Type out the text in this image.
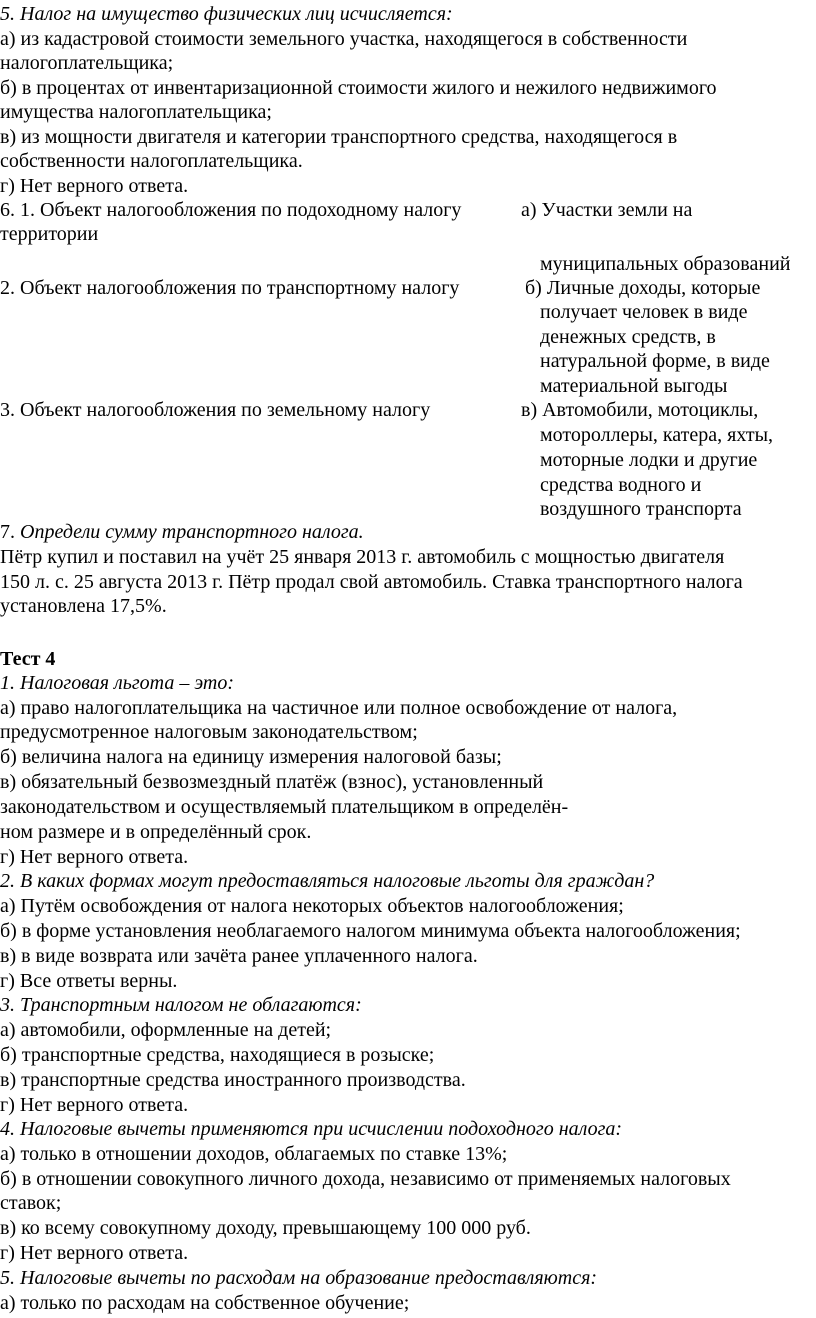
5. Налог на имущество физических лиц исчисляется:
а) из кадастровой стоимости земельного участка, находящегося в собственности
налогоплательщика;
б) в процентах от инвентаризационной стоимости жилого и нежилого недвижимого
имущества налогоплательщика;
в) из мощности двигателя и категории транспортного средства, находящегося в
собственности налогоплательщика.
г) Нет верного ответа.
6. 1. Объект налогообложения по подоходному налогу	а) Участки земли на
территории
муниципальных образований
2. Объект налогообложения по транспортному налогу	б) Личные доходы, которые
получает человек в виде
денежных средств, в
натуральной форме, в виде
материальной выгоды
3. Объект налогообложения по земельному налогу	в) Автомобили, мотоциклы,
мотороллеры, катера, яхты,
моторные лодки и другие
средства водного и
воздушного транспорта
7. Определи сумму транспортного налога.
Пётр купил и поставил на учёт 25 января 2013 г. автомобиль с мощностью двигателя
150 л. с. 25 августа 2013 г. Пётр продал свой автомобиль. Ставка транспортного налога
установлена 17,5%.
Тест 4
1. Налоговая льгота – это:
а) право налогоплательщика на частичное или полное освобождение от налога,
предусмотренное налоговым законодательством;
б) величина налога на единицу измерения налоговой базы;
в) обязательный безвозмездный платёж (взнос), установленный
законодательством и осуществляемый плательщиком в определён-
ном размере и в определённый срок.
г) Нет верного ответа.
2. В каких формах могут предоставляться налоговые льготы для граждан?
а) Путём освобождения от налога некоторых объектов налогообложения;
б) в форме установления необлагаемого налогом минимума объекта налогообложения;
в) в виде возврата или зачёта ранее уплаченного налога.
г) Все ответы верны.
3. Транспортным налогом не облагаются:
а) автомобили, оформленные на детей;
б) транспортные средства, находящиеся в розыске;
в) транспортные средства иностранного производства.
г) Нет верного ответа.
4. Налоговые вычеты применяются при исчислении подоходного налога:
а) только в отношении доходов, облагаемых по ставке 13%;
б) в отношении совокупного личного дохода, независимо от применяемых налоговых
ставок;
в) ко всему совокупному доходу, превышающему 100 000 руб.
г) Нет верного ответа.
5. Налоговые вычеты по расходам на образование предоставляются:
а) только по расходам на собственное обучение;
